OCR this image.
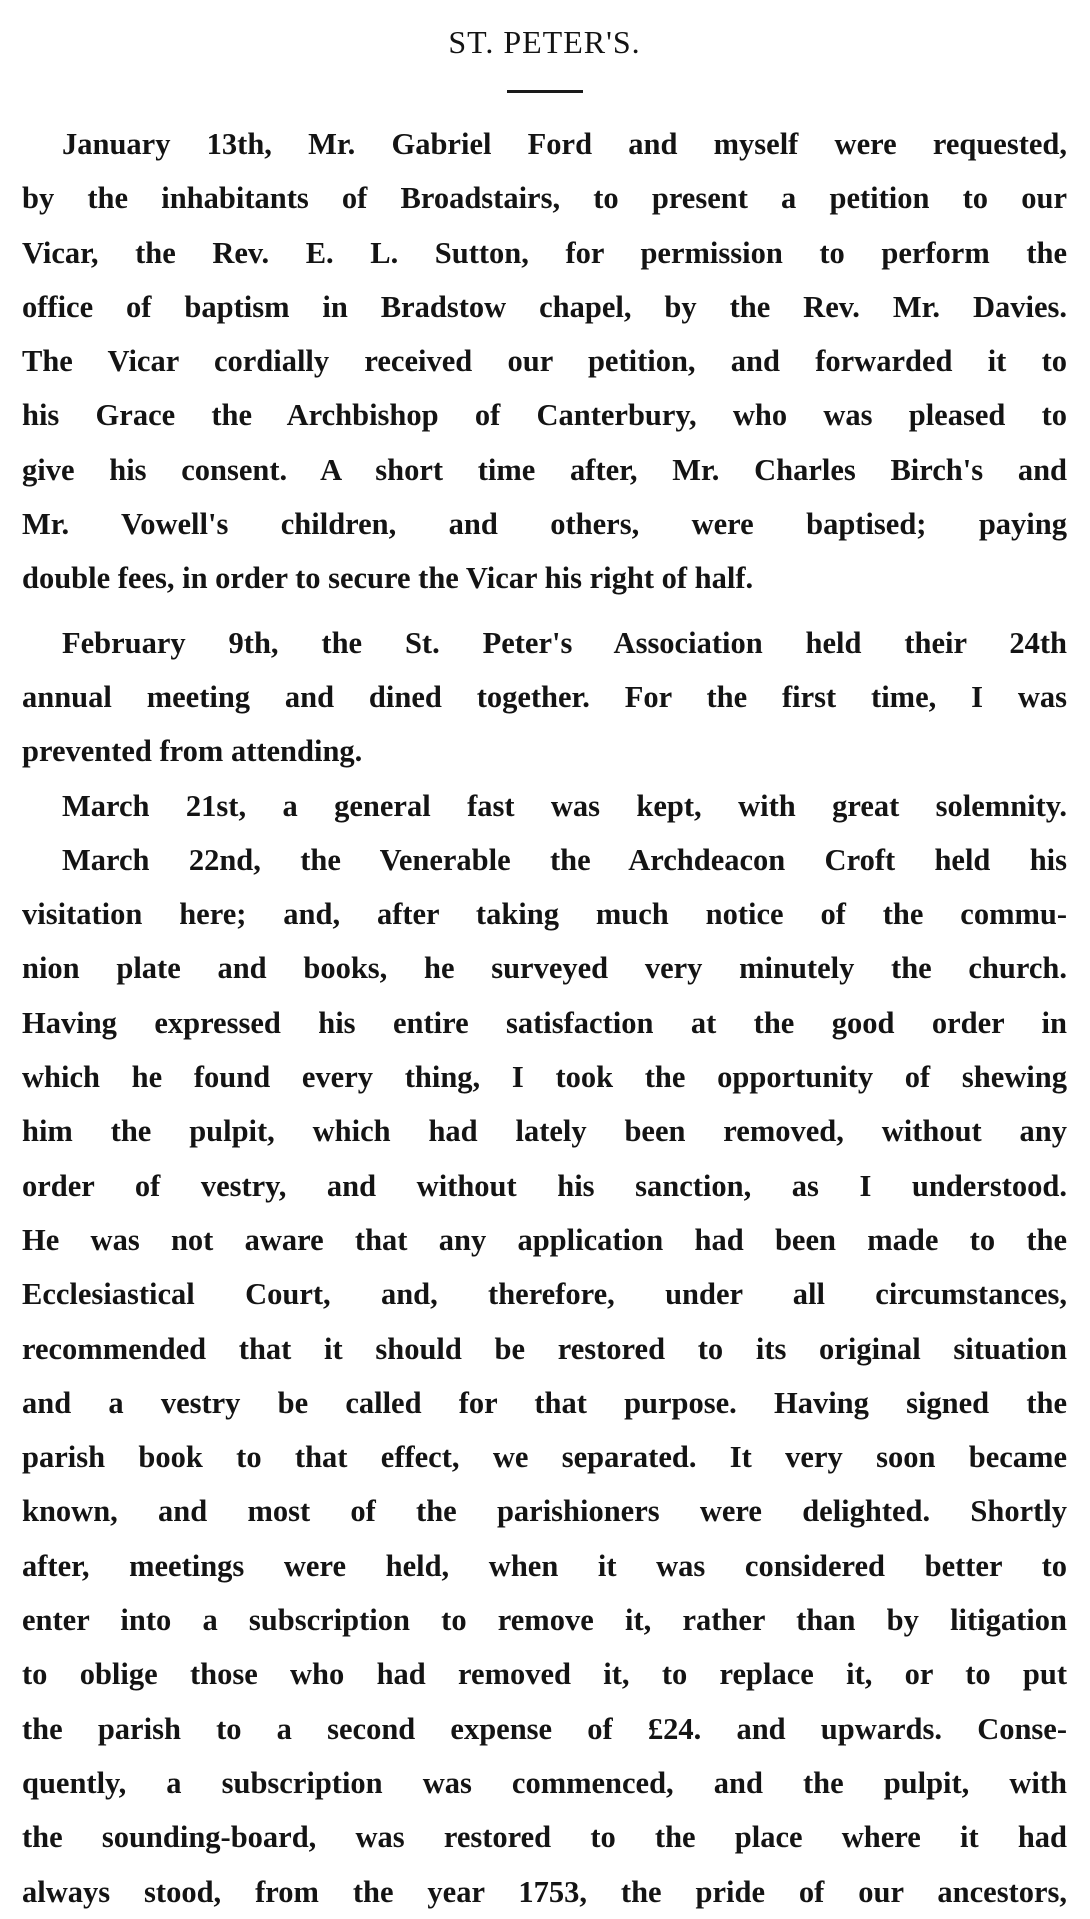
ST. PETER'S.
January 13th, Mr. Gabriel Ford and myself were requested,
by the inhabitants of Broadstairs, to present a petition to our
Vicar, the Rev. E. L. Sutton, for permission to perform the
office of baptism in Bradstow chapel, by the Rev. Mr. Davies.
The Vicar cordially received our petition, and forwarded it to
his Grace the Archbishop of Canterbury, who was pleased to
give his consent. A short time after, Mr. Charles Birch's and
Mr. Vowell's children, and others, were baptised; paying
double fees, in order to secure the Vicar his right of half.
February 9th, the St. Peter's Association held their 24th
annual meeting and dined together. For the first time, I was
prevented from attending.
March 21st, a general fast was kept, with great solemnity.
March 22nd, the Venerable the Archdeacon Croft held his
visitation here; and, after taking much notice of the commu-
nion plate and books, he surveyed very minutely the church.
Having expressed his entire satisfaction at the good order in
which he found every thing, I took the opportunity of shewing
him the pulpit, which had lately been removed, without any
order of vestry, and without his sanction, as I understood.
He was not aware that any application had been made to the
Ecclesiastical Court, and, therefore, under all circumstances,
recommended that it should be restored to its original situation
and a vestry be called for that purpose. Having signed the
parish book to that effect, we separated. It very soon became
known, and most of the parishioners were delighted. Shortly
after, meetings were held, when it was considered better to
enter into a subscription to remove it, rather than by litigation
to oblige those who had removed it, to replace it, or to put
the parish to a second expense of £24. and upwards. Conse-
quently, a subscription was commenced, and the pulpit, with
the sounding-board, was restored to the place where it had
always stood, from the year 1753, the pride of our ancestors,
